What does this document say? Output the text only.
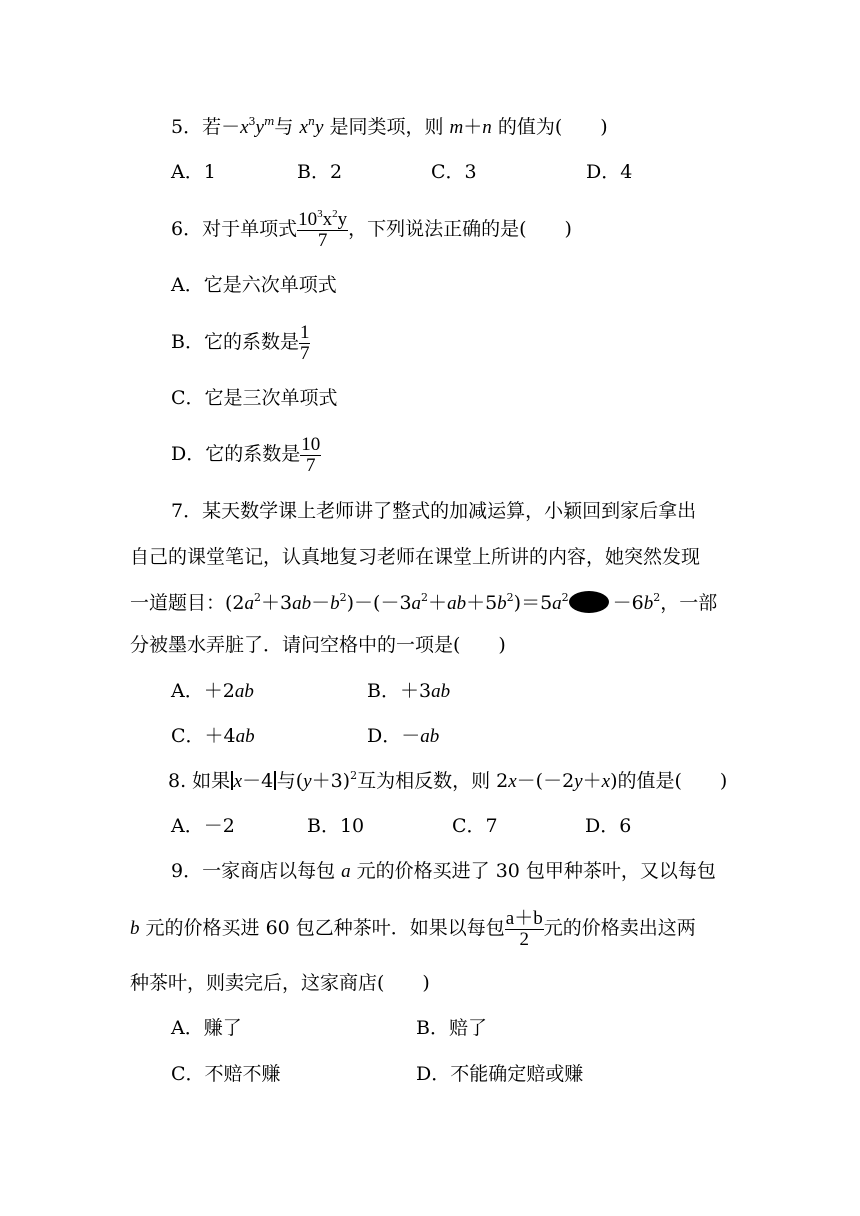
5．若$-x^3y^m$与 $x^ny$ 是同类项，则 m＋n 的值为(　　)
A．1	B．2	C．3	D．4
6．对于单项式 $\frac{10^3x^2y}{7}$ ，下列说法正确的是(　　)
A．它是六次单项式
B．它的系数是 $\frac{1}{7}$
C．它是三次单项式
D．它的系数是 $\frac{10}{7}$
7．某天数学课上老师讲了整式的加减运算，小颖回到家后拿出
自己的课堂笔记，认真地复习老师在课堂上所讲的内容，她突然发现
一道题目：$(2a^2+3ab-b^2)-(-3a^2+ab+5b^2)=5a^2 -6b^2$，一部
分被墨水弄脏了．请问空格中的一项是(　　)
A．＋2ab	B．＋3ab
C．＋4ab	D．－ab
8. 如果 x－4 与$(y+3)^2$互为相反数，则 2x－(－2y＋x)的值是(　　)
A．－2	B．10	C．7	D．6
9．一家商店以每包 a 元的价格买进了 30 包甲种茶叶，又以每包
b 元的价格买进 60 包乙种茶叶．如果以每包 $\frac{a+b}{2}$ 元的价格卖出这两
种茶叶，则卖完后，这家商店(　　)
A．赚了	B．赔了
C．不赔不赚	D．不能确定赔或赚
